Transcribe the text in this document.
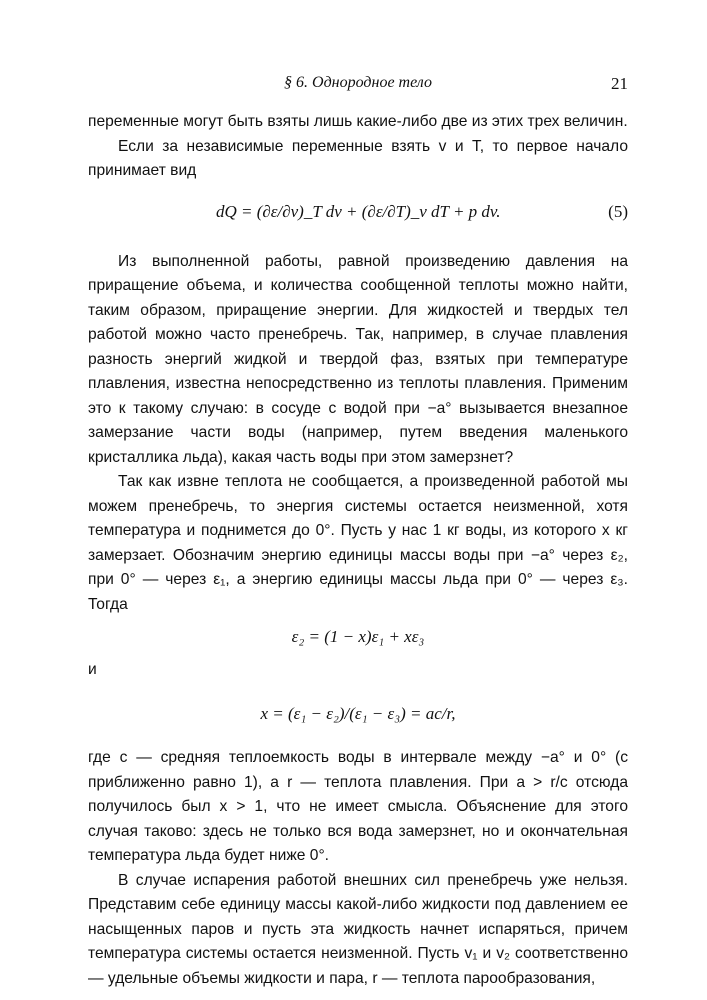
§ 6. Однородное тело	21

переменные могут быть взяты лишь какие-либо две из этих трех величин.

Если за независимые переменные взять v и T, то первое начало принимает вид

dQ = (∂ε/∂v)_T dv + (∂ε/∂T)_v dT + p dv.	(5)

Из выполненной работы, равной произведению давления на приращение объема, и количества сообщенной теплоты можно найти, таким образом, приращение энергии. Для жидкостей и твердых тел работой можно часто пренебречь. Так, например, в случае плавления разность энергий жидкой и твердой фаз, взятых при температуре плавления, известна непосредственно из теплоты плавления. Применим это к такому случаю: в сосуде с водой при −a° вызывается внезапное замерзание части воды (например, путем введения маленького кристаллика льда), какая часть воды при этом замерзнет?

Так как извне теплота не сообщается, а произведенной работой мы можем пренебречь, то энергия системы остается неизменной, хотя температура и поднимется до 0°. Пусть у нас 1 кг воды, из которого x кг замерзает. Обозначим энергию единицы массы воды при −a° через ε₂, при 0° — через ε₁, а энергию единицы массы льда при 0° — через ε₃. Тогда

ε₂ = (1 − x)ε₁ + xε₃

и

x = (ε₁ − ε₂)/(ε₁ − ε₃) = ac/r,

где c — средняя теплоемкость воды в интервале между −a° и 0° (c приближенно равно 1), а r — теплота плавления. При a > r/c отсюда получилось был x > 1, что не имеет смысла. Объяснение для этого случая таково: здесь не только вся вода замерзнет, но и окончательная температура льда будет ниже 0°.

В случае испарения работой внешних сил пренебречь уже нельзя. Представим себе единицу массы какой-либо жидкости под давлением ее насыщенных паров и пусть эта жидкость начнет испаряться, причем температура системы остается неизменной. Пусть v₁ и v₂ соответственно — удельные объемы жидкости и пара, r — теплота парообразования,
